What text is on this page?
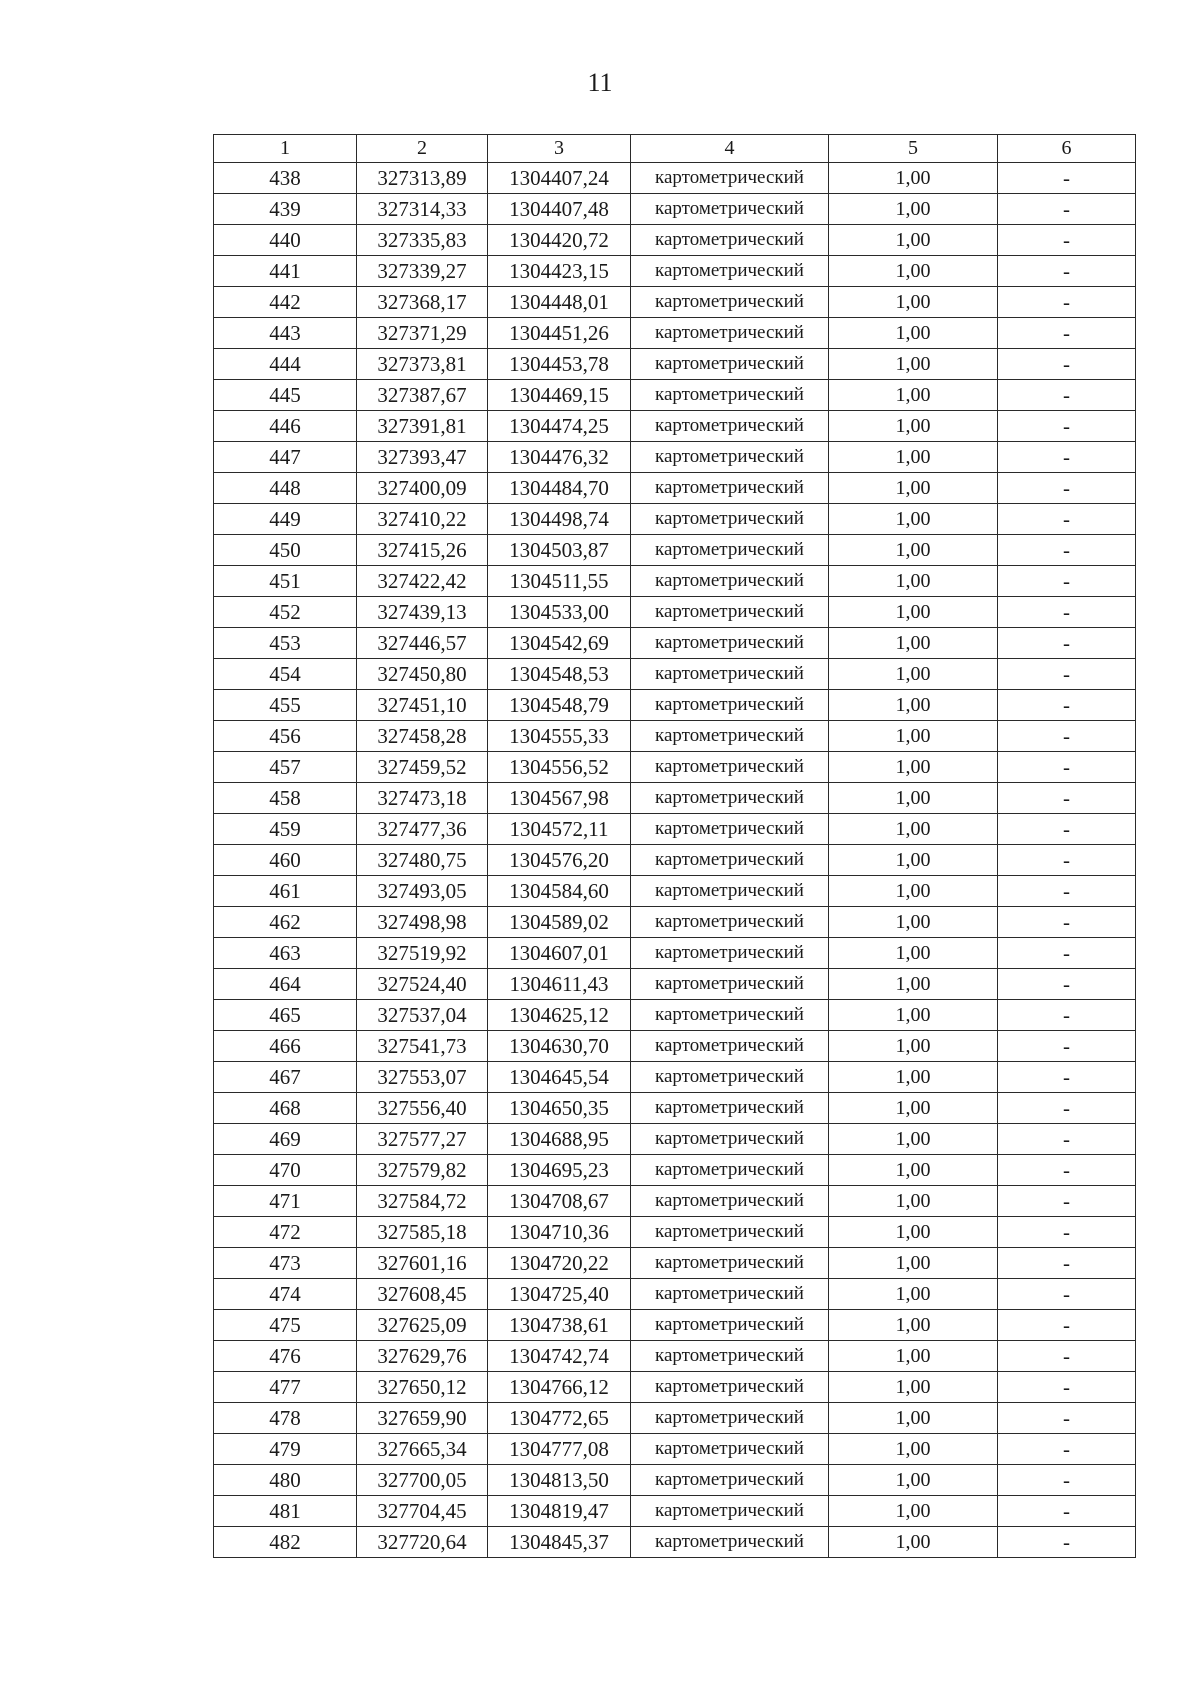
11
1	2	3	4	5	6
438	327313,89	1304407,24	картометрический	1,00	-
439	327314,33	1304407,48	картометрический	1,00	-
440	327335,83	1304420,72	картометрический	1,00	-
441	327339,27	1304423,15	картометрический	1,00	-
442	327368,17	1304448,01	картометрический	1,00	-
443	327371,29	1304451,26	картометрический	1,00	-
444	327373,81	1304453,78	картометрический	1,00	-
445	327387,67	1304469,15	картометрический	1,00	-
446	327391,81	1304474,25	картометрический	1,00	-
447	327393,47	1304476,32	картометрический	1,00	-
448	327400,09	1304484,70	картометрический	1,00	-
449	327410,22	1304498,74	картометрический	1,00	-
450	327415,26	1304503,87	картометрический	1,00	-
451	327422,42	1304511,55	картометрический	1,00	-
452	327439,13	1304533,00	картометрический	1,00	-
453	327446,57	1304542,69	картометрический	1,00	-
454	327450,80	1304548,53	картометрический	1,00	-
455	327451,10	1304548,79	картометрический	1,00	-
456	327458,28	1304555,33	картометрический	1,00	-
457	327459,52	1304556,52	картометрический	1,00	-
458	327473,18	1304567,98	картометрический	1,00	-
459	327477,36	1304572,11	картометрический	1,00	-
460	327480,75	1304576,20	картометрический	1,00	-
461	327493,05	1304584,60	картометрический	1,00	-
462	327498,98	1304589,02	картометрический	1,00	-
463	327519,92	1304607,01	картометрический	1,00	-
464	327524,40	1304611,43	картометрический	1,00	-
465	327537,04	1304625,12	картометрический	1,00	-
466	327541,73	1304630,70	картометрический	1,00	-
467	327553,07	1304645,54	картометрический	1,00	-
468	327556,40	1304650,35	картометрический	1,00	-
469	327577,27	1304688,95	картометрический	1,00	-
470	327579,82	1304695,23	картометрический	1,00	-
471	327584,72	1304708,67	картометрический	1,00	-
472	327585,18	1304710,36	картометрический	1,00	-
473	327601,16	1304720,22	картометрический	1,00	-
474	327608,45	1304725,40	картометрический	1,00	-
475	327625,09	1304738,61	картометрический	1,00	-
476	327629,76	1304742,74	картометрический	1,00	-
477	327650,12	1304766,12	картометрический	1,00	-
478	327659,90	1304772,65	картометрический	1,00	-
479	327665,34	1304777,08	картометрический	1,00	-
480	327700,05	1304813,50	картометрический	1,00	-
481	327704,45	1304819,47	картометрический	1,00	-
482	327720,64	1304845,37	картометрический	1,00	-
